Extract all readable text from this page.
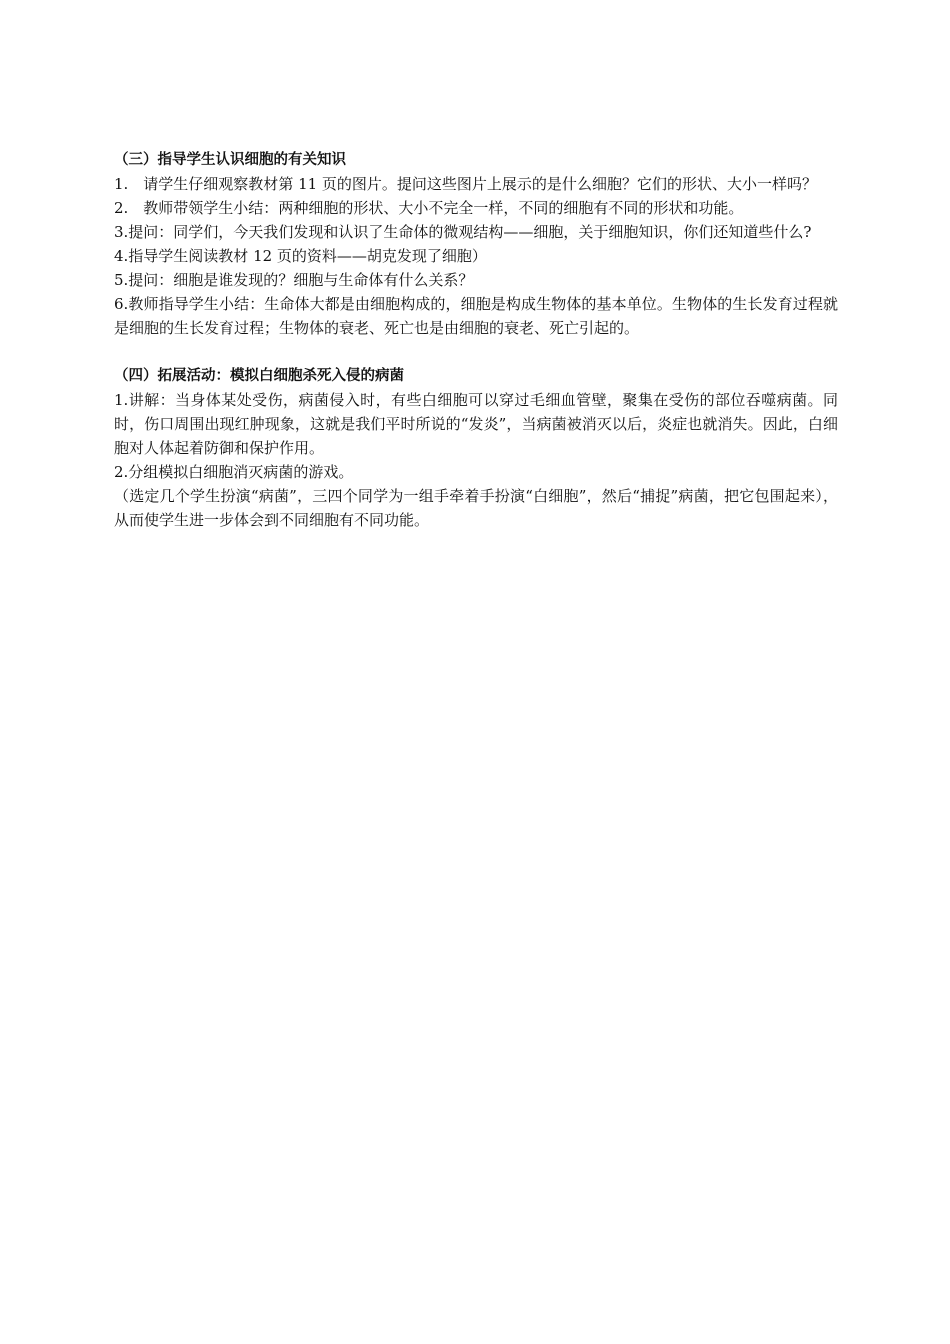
（三）指导学生认识细胞的有关知识

1.　请学生仔细观察教材第 11 页的图片。提问这些图片上展示的是什么细胞？它们的形状、大小一样吗？

2.　教师带领学生小结：两种细胞的形状、大小不完全一样，不同的细胞有不同的形状和功能。

3.提问：同学们，今天我们发现和认识了生命体的微观结构——细胞，关于细胞知识，你们还知道些什么?

4.指导学生阅读教材 12 页的资料——胡克发现了细胞）

5.提问：细胞是谁发现的？细胞与生命体有什么关系？

6.教师指导学生小结：生命体大都是由细胞构成的，细胞是构成生物体的基本单位。生物体的生长发育过程就是细胞的生长发育过程；生物体的衰老、死亡也是由细胞的衰老、死亡引起的。

（四）拓展活动：模拟白细胞杀死入侵的病菌

1.讲解：当身体某处受伤，病菌侵入时，有些白细胞可以穿过毛细血管壁，聚集在受伤的部位吞噬病菌。同时，伤口周围出现红肿现象，这就是我们平时所说的“发炎”，当病菌被消灭以后，炎症也就消失。因此，白细胞对人体起着防御和保护作用。

2.分组模拟白细胞消灭病菌的游戏。

（选定几个学生扮演“病菌”，三四个同学为一组手牵着手扮演“白细胞”，然后“捕捉”病菌，把它包围起来），从而使学生进一步体会到不同细胞有不同功能。
